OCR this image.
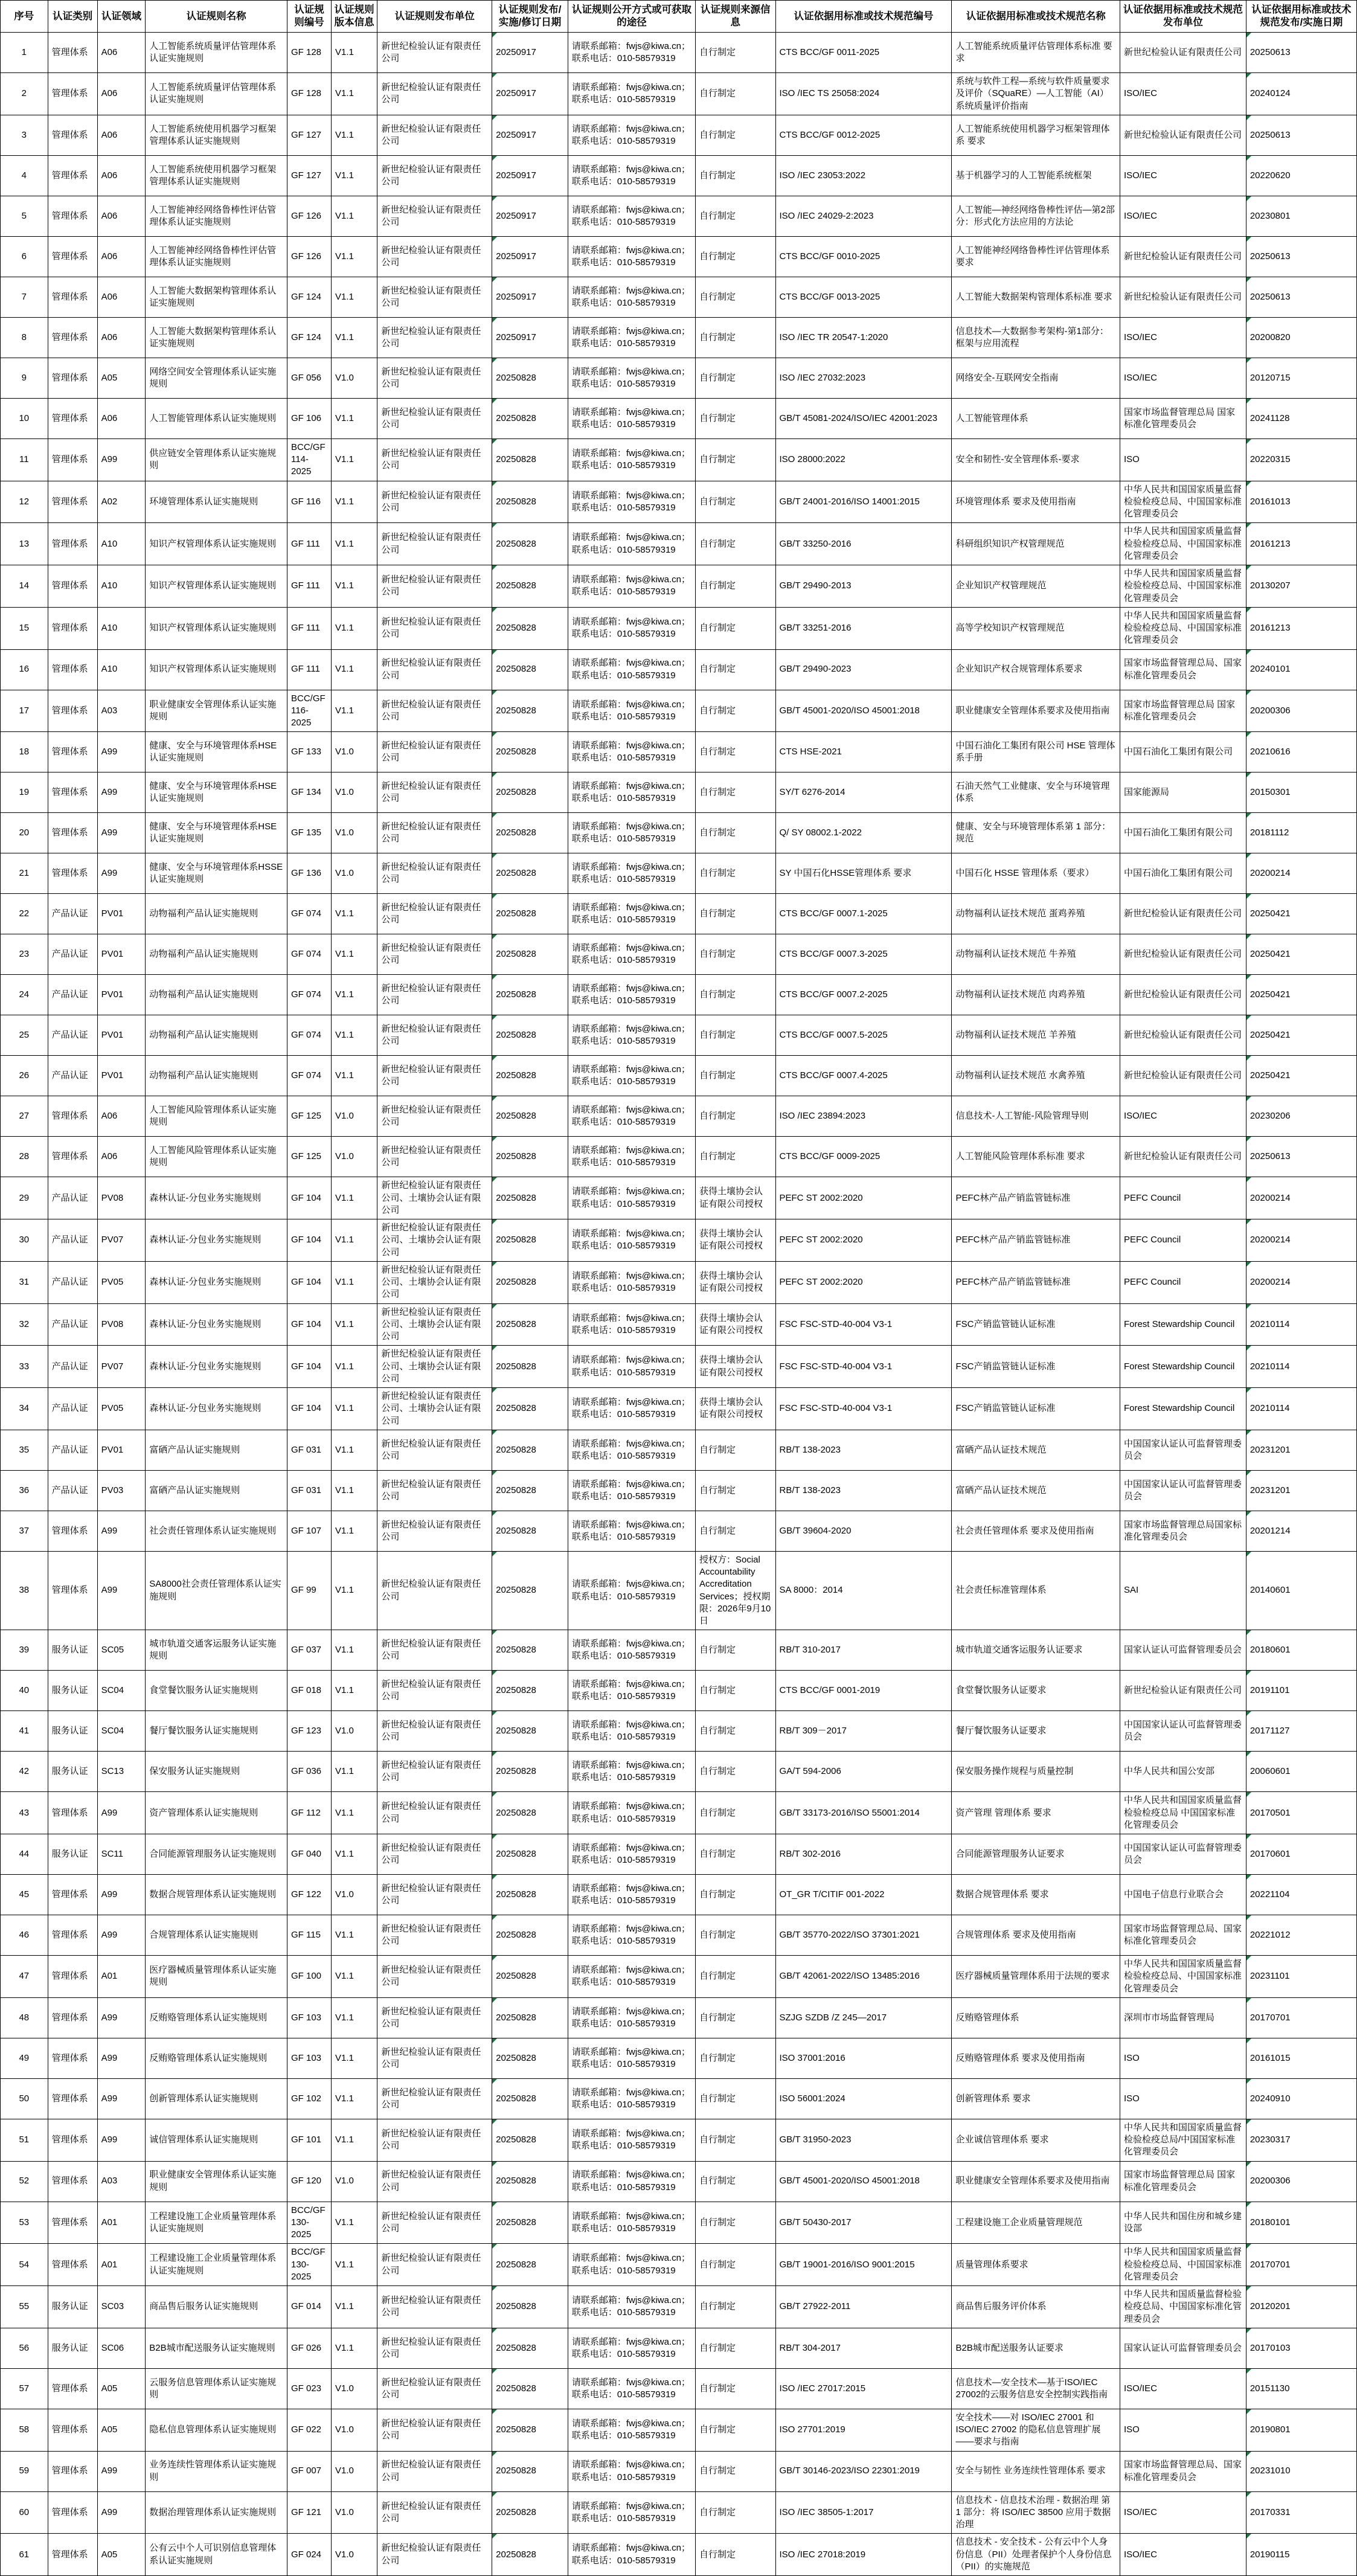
序号	认证类别	认证领域	认证规则名称	认证规则编号	认证规则版本信息	认证规则发布单位	认证规则发布/实施/修订日期	认证规则公开方式或可获取的途径	认证规则来源信息	认证依据用标准或技术规范编号	认证依据用标准或技术规范名称	认证依据用标准或技术规范发布单位	认证依据用标准或技术规范发布/实施日期
1	管理体系	A06	人工智能系统质量评估管理体系认证实施规则	GF 128	V1.1	新世纪检验认证有限责任公司	20250917	请联系邮箱：fwjs@kiwa.cn；联系电话：010-58579319	自行制定	CTS BCC/GF 0011-2025	人工智能系统质量评估管理体系标准 要求	新世纪检验认证有限责任公司	20250613
2	管理体系	A06	人工智能系统质量评估管理体系认证实施规则	GF 128	V1.1	新世纪检验认证有限责任公司	20250917	请联系邮箱：fwjs@kiwa.cn；联系电话：010-58579319	自行制定	ISO /IEC TS 25058:2024	系统与软件工程—系统与软件质量要求及评价（SQuaRE）—人工智能（AI）系统质量评价指南	ISO/IEC	20240124
3	管理体系	A06	人工智能系统使用机器学习框架管理体系认证实施规则	GF 127	V1.1	新世纪检验认证有限责任公司	20250917	请联系邮箱：fwjs@kiwa.cn；联系电话：010-58579319	自行制定	CTS BCC/GF 0012-2025	人工智能系统使用机器学习框架管理体系 要求	新世纪检验认证有限责任公司	20250613
4	管理体系	A06	人工智能系统使用机器学习框架管理体系认证实施规则	GF 127	V1.1	新世纪检验认证有限责任公司	20250917	请联系邮箱：fwjs@kiwa.cn；联系电话：010-58579319	自行制定	ISO /IEC 23053:2022	基于机器学习的人工智能系统框架	ISO/IEC	20220620
5	管理体系	A06	人工智能神经网络鲁棒性评估管理体系认证实施规则	GF 126	V1.1	新世纪检验认证有限责任公司	20250917	请联系邮箱：fwjs@kiwa.cn；联系电话：010-58579319	自行制定	ISO /IEC 24029-2:2023	人工智能—神经网络鲁棒性评估—第2部分：形式化方法应用的方法论	ISO/IEC	20230801
6	管理体系	A06	人工智能神经网络鲁棒性评估管理体系认证实施规则	GF 126	V1.1	新世纪检验认证有限责任公司	20250917	请联系邮箱：fwjs@kiwa.cn；联系电话：010-58579319	自行制定	CTS BCC/GF 0010-2025	人工智能神经网络鲁棒性评估管理体系 要求	新世纪检验认证有限责任公司	20250613
7	管理体系	A06	人工智能大数据架构管理体系认证实施规则	GF 124	V1.1	新世纪检验认证有限责任公司	20250917	请联系邮箱：fwjs@kiwa.cn；联系电话：010-58579319	自行制定	CTS BCC/GF 0013-2025	人工智能大数据架构管理体系标准 要求	新世纪检验认证有限责任公司	20250613
8	管理体系	A06	人工智能大数据架构管理体系认证实施规则	GF 124	V1.1	新世纪检验认证有限责任公司	20250917	请联系邮箱：fwjs@kiwa.cn；联系电话：010-58579319	自行制定	ISO /IEC TR 20547-1:2020	信息技术—大数据参考架构-第1部分：框架与应用流程	ISO/IEC	20200820
9	管理体系	A05	网络空间安全管理体系认证实施规则	GF 056	V1.0	新世纪检验认证有限责任公司	20250828	请联系邮箱：fwjs@kiwa.cn；联系电话：010-58579319	自行制定	ISO /IEC 27032:2023	网络安全-互联网安全指南	ISO/IEC	20120715
10	管理体系	A06	人工智能管理体系认证实施规则	GF 106	V1.1	新世纪检验认证有限责任公司	20250828	请联系邮箱：fwjs@kiwa.cn；联系电话：010-58579319	自行制定	GB/T 45081-2024/ISO/IEC 42001:2023	人工智能管理体系	国家市场监督管理总局 国家标准化管理委员会	20241128
11	管理体系	A99	供应链安全管理体系认证实施规则	BCC/GF 114-2025	V1.1	新世纪检验认证有限责任公司	20250828	请联系邮箱：fwjs@kiwa.cn；联系电话：010-58579319	自行制定	ISO 28000:2022	安全和韧性-安全管理体系-要求	ISO	20220315
12	管理体系	A02	环境管理体系认证实施规则	GF 116	V1.1	新世纪检验认证有限责任公司	20250828	请联系邮箱：fwjs@kiwa.cn；联系电话：010-58579319	自行制定	GB/T 24001-2016/ISO 14001:2015	环境管理体系 要求及使用指南	中华人民共和国国家质量监督检验检疫总局、中国国家标准化管理委员会	20161013
13	管理体系	A10	知识产权管理体系认证实施规则	GF 111	V1.1	新世纪检验认证有限责任公司	20250828	请联系邮箱：fwjs@kiwa.cn；联系电话：010-58579319	自行制定	GB/T 33250-2016	科研组织知识产权管理规范	中华人民共和国国家质量监督检验检疫总局、中国国家标准化管理委员会	20161213
14	管理体系	A10	知识产权管理体系认证实施规则	GF 111	V1.1	新世纪检验认证有限责任公司	20250828	请联系邮箱：fwjs@kiwa.cn；联系电话：010-58579319	自行制定	GB/T 29490-2013	企业知识产权管理规范	中华人民共和国国家质量监督检验检疫总局、中国国家标准化管理委员会	20130207
15	管理体系	A10	知识产权管理体系认证实施规则	GF 111	V1.1	新世纪检验认证有限责任公司	20250828	请联系邮箱：fwjs@kiwa.cn；联系电话：010-58579319	自行制定	GB/T 33251-2016	高等学校知识产权管理规范	中华人民共和国国家质量监督检验检疫总局、中国国家标准化管理委员会	20161213
16	管理体系	A10	知识产权管理体系认证实施规则	GF 111	V1.1	新世纪检验认证有限责任公司	20250828	请联系邮箱：fwjs@kiwa.cn；联系电话：010-58579319	自行制定	GB/T 29490-2023	企业知识产权合规管理体系要求	国家市场监督管理总局、国家标准化管理委员会	20240101
17	管理体系	A03	职业健康安全管理体系认证实施规则	BCC/GF 116-2025	V1.1	新世纪检验认证有限责任公司	20250828	请联系邮箱：fwjs@kiwa.cn；联系电话：010-58579319	自行制定	GB/T 45001-2020/ISO 45001:2018	职业健康安全管理体系要求及使用指南	国家市场监督管理总局 国家标准化管理委员会	20200306
18	管理体系	A99	健康、安全与环境管理体系HSE认证实施规则	GF 133	V1.0	新世纪检验认证有限责任公司	20250828	请联系邮箱：fwjs@kiwa.cn；联系电话：010-58579319	自行制定	CTS HSE-2021	中国石油化工集团有限公司 HSE 管理体系手册	中国石油化工集团有限公司	20210616
19	管理体系	A99	健康、安全与环境管理体系HSE认证实施规则	GF 134	V1.0	新世纪检验认证有限责任公司	20250828	请联系邮箱：fwjs@kiwa.cn；联系电话：010-58579319	自行制定	SY/T 6276-2014	石油天然气工业健康、安全与环境管理体系	国家能源局	20150301
20	管理体系	A99	健康、安全与环境管理体系HSE认证实施规则	GF 135	V1.0	新世纪检验认证有限责任公司	20250828	请联系邮箱：fwjs@kiwa.cn；联系电话：010-58579319	自行制定	Q/ SY 08002.1-2022	健康、安全与环境管理体系第 1 部分：规范	中国石油化工集团有限公司	20181112
21	管理体系	A99	健康、安全与环境管理体系HSSE认证实施规则	GF 136	V1.0	新世纪检验认证有限责任公司	20250828	请联系邮箱：fwjs@kiwa.cn；联系电话：010-58579319	自行制定	SY 中国石化HSSE管理体系 要求	中国石化 HSSE 管理体系（要求）	中国石油化工集团有限公司	20200214
22	产品认证	PV01	动物福利产品认证实施规则	GF 074	V1.1	新世纪检验认证有限责任公司	20250828	请联系邮箱：fwjs@kiwa.cn；联系电话：010-58579319	自行制定	CTS BCC/GF 0007.1-2025	动物福利认证技术规范 蛋鸡养殖	新世纪检验认证有限责任公司	20250421
23	产品认证	PV01	动物福利产品认证实施规则	GF 074	V1.1	新世纪检验认证有限责任公司	20250828	请联系邮箱：fwjs@kiwa.cn；联系电话：010-58579319	自行制定	CTS BCC/GF 0007.3-2025	动物福利认证技术规范 牛养殖	新世纪检验认证有限责任公司	20250421
24	产品认证	PV01	动物福利产品认证实施规则	GF 074	V1.1	新世纪检验认证有限责任公司	20250828	请联系邮箱：fwjs@kiwa.cn；联系电话：010-58579319	自行制定	CTS BCC/GF 0007.2-2025	动物福利认证技术规范 肉鸡养殖	新世纪检验认证有限责任公司	20250421
25	产品认证	PV01	动物福利产品认证实施规则	GF 074	V1.1	新世纪检验认证有限责任公司	20250828	请联系邮箱：fwjs@kiwa.cn；联系电话：010-58579319	自行制定	CTS BCC/GF 0007.5-2025	动物福利认证技术规范 羊养殖	新世纪检验认证有限责任公司	20250421
26	产品认证	PV01	动物福利产品认证实施规则	GF 074	V1.1	新世纪检验认证有限责任公司	20250828	请联系邮箱：fwjs@kiwa.cn；联系电话：010-58579319	自行制定	CTS BCC/GF 0007.4-2025	动物福利认证技术规范 水禽养殖	新世纪检验认证有限责任公司	20250421
27	管理体系	A06	人工智能风险管理体系认证实施规则	GF 125	V1.0	新世纪检验认证有限责任公司	20250828	请联系邮箱：fwjs@kiwa.cn；联系电话：010-58579319	自行制定	ISO /IEC 23894:2023	信息技术-人工智能-风险管理导则	ISO/IEC	20230206
28	管理体系	A06	人工智能风险管理体系认证实施规则	GF 125	V1.0	新世纪检验认证有限责任公司	20250828	请联系邮箱：fwjs@kiwa.cn；联系电话：010-58579319	自行制定	CTS BCC/GF 0009-2025	人工智能风险管理体系标准 要求	新世纪检验认证有限责任公司	20250613
29	产品认证	PV08	森林认证-分包业务实施规则	GF 104	V1.1	新世纪检验认证有限责任公司、土壤协会认证有限公司	20250828	请联系邮箱：fwjs@kiwa.cn；联系电话：010-58579319	获得土壤协会认证有限公司授权	PEFC ST 2002:2020	PEFC林产品产销监管链标准	PEFC Council	20200214
30	产品认证	PV07	森林认证-分包业务实施规则	GF 104	V1.1	新世纪检验认证有限责任公司、土壤协会认证有限公司	20250828	请联系邮箱：fwjs@kiwa.cn；联系电话：010-58579319	获得土壤协会认证有限公司授权	PEFC ST 2002:2020	PEFC林产品产销监管链标准	PEFC Council	20200214
31	产品认证	PV05	森林认证-分包业务实施规则	GF 104	V1.1	新世纪检验认证有限责任公司、土壤协会认证有限公司	20250828	请联系邮箱：fwjs@kiwa.cn；联系电话：010-58579319	获得土壤协会认证有限公司授权	PEFC ST 2002:2020	PEFC林产品产销监管链标准	PEFC Council	20200214
32	产品认证	PV08	森林认证-分包业务实施规则	GF 104	V1.1	新世纪检验认证有限责任公司、土壤协会认证有限公司	20250828	请联系邮箱：fwjs@kiwa.cn；联系电话：010-58579319	获得土壤协会认证有限公司授权	FSC FSC-STD-40-004 V3-1	FSC产销监管链认证标准	Forest Stewardship Council	20210114
33	产品认证	PV07	森林认证-分包业务实施规则	GF 104	V1.1	新世纪检验认证有限责任公司、土壤协会认证有限公司	20250828	请联系邮箱：fwjs@kiwa.cn；联系电话：010-58579319	获得土壤协会认证有限公司授权	FSC FSC-STD-40-004 V3-1	FSC产销监管链认证标准	Forest Stewardship Council	20210114
34	产品认证	PV05	森林认证-分包业务实施规则	GF 104	V1.1	新世纪检验认证有限责任公司、土壤协会认证有限公司	20250828	请联系邮箱：fwjs@kiwa.cn；联系电话：010-58579319	获得土壤协会认证有限公司授权	FSC FSC-STD-40-004 V3-1	FSC产销监管链认证标准	Forest Stewardship Council	20210114
35	产品认证	PV01	富硒产品认证实施规则	GF 031	V1.1	新世纪检验认证有限责任公司	20250828	请联系邮箱：fwjs@kiwa.cn；联系电话：010-58579319	自行制定	RB/T 138-2023	富硒产品认证技术规范	中国国家认证认可监督管理委员会	20231201
36	产品认证	PV03	富硒产品认证实施规则	GF 031	V1.1	新世纪检验认证有限责任公司	20250828	请联系邮箱：fwjs@kiwa.cn；联系电话：010-58579319	自行制定	RB/T 138-2023	富硒产品认证技术规范	中国国家认证认可监督管理委员会	20231201
37	管理体系	A99	社会责任管理体系认证实施规则	GF 107	V1.1	新世纪检验认证有限责任公司	20250828	请联系邮箱：fwjs@kiwa.cn；联系电话：010-58579319	自行制定	GB/T 39604-2020	社会责任管理体系 要求及使用指南	国家市场监督管理总局国家标准化管理委员会	20201214
38	管理体系	A99	SA8000社会责任管理体系认证实施规则	GF 99	V1.1	新世纪检验认证有限责任公司	20250828	请联系邮箱：fwjs@kiwa.cn；联系电话：010-58579319	授权方：Social Accountability Accreditation Services；授权期限：2026年9月10日	SA 8000：2014	社会责任标准管理体系	SAI	20140601
39	服务认证	SC05	城市轨道交通客运服务认证实施规则	GF 037	V1.1	新世纪检验认证有限责任公司	20250828	请联系邮箱：fwjs@kiwa.cn；联系电话：010-58579319	自行制定	RB/T 310-2017	城市轨道交通客运服务认证要求	国家认证认可监督管理委员会	20180601
40	服务认证	SC04	食堂餐饮服务认证实施规则	GF 018	V1.1	新世纪检验认证有限责任公司	20250828	请联系邮箱：fwjs@kiwa.cn；联系电话：010-58579319	自行制定	CTS BCC/GF 0001-2019	食堂餐饮服务认证要求	新世纪检验认证有限责任公司	20191101
41	服务认证	SC04	餐厅餐饮服务认证实施规则	GF 123	V1.0	新世纪检验认证有限责任公司	20250828	请联系邮箱：fwjs@kiwa.cn；联系电话：010-58579319	自行制定	RB/T 309－2017	餐厅餐饮服务认证要求	中国国家认证认可监督管理委员会	20171127
42	服务认证	SC13	保安服务认证实施规则	GF 036	V1.1	新世纪检验认证有限责任公司	20250828	请联系邮箱：fwjs@kiwa.cn；联系电话：010-58579319	自行制定	GA/T 594-2006	保安服务操作规程与质量控制	中华人民共和国公安部	20060601
43	管理体系	A99	资产管理体系认证实施规则	GF 112	V1.1	新世纪检验认证有限责任公司	20250828	请联系邮箱：fwjs@kiwa.cn；联系电话：010-58579319	自行制定	GB/T 33173-2016/ISO 55001:2014	资产管理 管理体系 要求	中华人民共和国国家质量监督检验检疫总局 中国国家标准化管理委员会	20170501
44	服务认证	SC11	合同能源管理服务认证实施规则	GF 040	V1.1	新世纪检验认证有限责任公司	20250828	请联系邮箱：fwjs@kiwa.cn；联系电话：010-58579319	自行制定	RB/T 302-2016	合同能源管理服务认证要求	中国国家认证认可监督管理委员会	20170601
45	管理体系	A99	数据合规管理体系认证实施规则	GF 122	V1.0	新世纪检验认证有限责任公司	20250828	请联系邮箱：fwjs@kiwa.cn；联系电话：010-58579319	自行制定	OT_GR T/CITIF 001-2022	数据合规管理体系 要求	中国电子信息行业联合会	20221104
46	管理体系	A99	合规管理体系认证实施规则	GF 115	V1.1	新世纪检验认证有限责任公司	20250828	请联系邮箱：fwjs@kiwa.cn；联系电话：010-58579319	自行制定	GB/T 35770-2022/ISO 37301:2021	合规管理体系 要求及使用指南	国家市场监督管理总局、国家标准化管理委员会	20221012
47	管理体系	A01	医疗器械质量管理体系认证实施规则	GF 100	V1.1	新世纪检验认证有限责任公司	20250828	请联系邮箱：fwjs@kiwa.cn；联系电话：010-58579319	自行制定	GB/T 42061-2022/ISO 13485:2016	医疗器械质量管理体系用于法规的要求	中华人民共和国国家质量监督检验检疫总局、中国国家标准化管理委员会	20231101
48	管理体系	A99	反贿赂管理体系认证实施规则	GF 103	V1.1	新世纪检验认证有限责任公司	20250828	请联系邮箱：fwjs@kiwa.cn；联系电话：010-58579319	自行制定	SZJG SZDB /Z 245—2017	反贿赂管理体系	深圳市市场监督管理局	20170701
49	管理体系	A99	反贿赂管理体系认证实施规则	GF 103	V1.1	新世纪检验认证有限责任公司	20250828	请联系邮箱：fwjs@kiwa.cn；联系电话：010-58579319	自行制定	ISO 37001:2016	反贿赂管理体系 要求及使用指南	ISO	20161015
50	管理体系	A99	创新管理体系认证实施规则	GF 102	V1.1	新世纪检验认证有限责任公司	20250828	请联系邮箱：fwjs@kiwa.cn；联系电话：010-58579319	自行制定	ISO 56001:2024	创新管理体系 要求	ISO	20240910
51	管理体系	A99	诚信管理体系认证实施规则	GF 101	V1.1	新世纪检验认证有限责任公司	20250828	请联系邮箱：fwjs@kiwa.cn；联系电话：010-58579319	自行制定	GB/T 31950-2023	企业诚信管理体系 要求	中华人民共和国国家质量监督检验检疫总局/中国国家标准化管理委员会	20230317
52	管理体系	A03	职业健康安全管理体系认证实施规则	GF 120	V1.0	新世纪检验认证有限责任公司	20250828	请联系邮箱：fwjs@kiwa.cn；联系电话：010-58579319	自行制定	GB/T 45001-2020/ISO 45001:2018	职业健康安全管理体系要求及使用指南	国家市场监督管理总局 国家标准化管理委员会	20200306
53	管理体系	A01	工程建设施工企业质量管理体系认证实施规则	BCC/GF 130-2025	V1.1	新世纪检验认证有限责任公司	20250828	请联系邮箱：fwjs@kiwa.cn；联系电话：010-58579319	自行制定	GB/T 50430-2017	工程建设施工企业质量管理规范	中华人民共和国住房和城乡建设部	20180101
54	管理体系	A01	工程建设施工企业质量管理体系认证实施规则	BCC/GF 130-2025	V1.1	新世纪检验认证有限责任公司	20250828	请联系邮箱：fwjs@kiwa.cn；联系电话：010-58579319	自行制定	GB/T 19001-2016/ISO 9001:2015	质量管理体系要求	中华人民共和国国家质量监督检验检疫总局、中国国家标准化管理委员会	20170701
55	服务认证	SC03	商品售后服务认证实施规则	GF 014	V1.1	新世纪检验认证有限责任公司	20250828	请联系邮箱：fwjs@kiwa.cn；联系电话：010-58579319	自行制定	GB/T 27922-2011	商品售后服务评价体系	中华人民共和国质量监督检验检疫总局、中国国家标准化管理委员会	20120201
56	服务认证	SC06	B2B城市配送服务认证实施规则	GF 026	V1.1	新世纪检验认证有限责任公司	20250828	请联系邮箱：fwjs@kiwa.cn；联系电话：010-58579319	自行制定	RB/T 304-2017	B2B城市配送服务认证要求	国家认证认可监督管理委员会	20170103
57	管理体系	A05	云服务信息管理体系认证实施规则	GF 023	V1.0	新世纪检验认证有限责任公司	20250828	请联系邮箱：fwjs@kiwa.cn；联系电话：010-58579319	自行制定	ISO /IEC 27017:2015	信息技术—安全技术—基于ISO/IEC 27002的云服务信息安全控制实践指南	ISO/IEC	20151130
58	管理体系	A05	隐私信息管理体系认证实施规则	GF 022	V1.0	新世纪检验认证有限责任公司	20250828	请联系邮箱：fwjs@kiwa.cn；联系电话：010-58579319	自行制定	ISO 27701:2019	安全技术——对 ISO/IEC 27001 和 ISO/IEC 27002 的隐私信息管理扩展——要求与指南	ISO	20190801
59	管理体系	A99	业务连续性管理体系认证实施规则	GF 007	V1.0	新世纪检验认证有限责任公司	20250828	请联系邮箱：fwjs@kiwa.cn；联系电话：010-58579319	自行制定	GB/T 30146-2023/ISO 22301:2019	安全与韧性 业务连续性管理体系 要求	国家市场监督管理总局、国家标准化管理委员会	20231010
60	管理体系	A99	数据治理管理体系认证实施规则	GF 121	V1.0	新世纪检验认证有限责任公司	20250828	请联系邮箱：fwjs@kiwa.cn；联系电话：010-58579319	自行制定	ISO /IEC 38505-1:2017	信息技术 - 信息技术治理 - 数据治理 第 1 部分：将 ISO/IEC 38500 应用于数据治理	ISO/IEC	20170331
61	管理体系	A05	公有云中个人可识别信息管理体系认证实施规则	GF 024	V1.0	新世纪检验认证有限责任公司	20250828	请联系邮箱：fwjs@kiwa.cn；联系电话：010-58579319	自行制定	ISO /IEC 27018:2019	信息技术 - 安全技术 - 公有云中个人身份信息（PII）处理者保护个人身份信息（PII）的实施规范	ISO/IEC	20190115
